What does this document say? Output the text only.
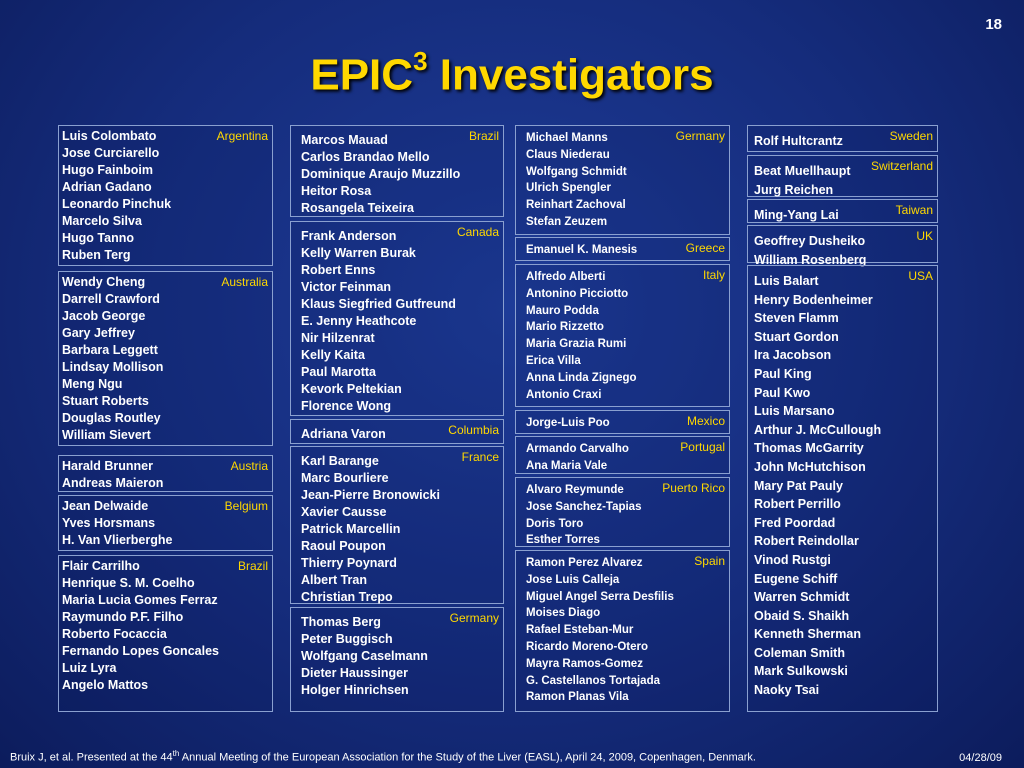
18
EPIC$^3$ Investigators
Argentina
Luis Colombato
Jose Curciarello
Hugo Fainboim
Adrian Gadano
Leonardo Pinchuk
Marcelo Silva
Hugo Tanno
Ruben Terg
Australia
Wendy Cheng
Darrell Crawford
Jacob George
Gary Jeffrey
Barbara Leggett
Lindsay Mollison
Meng Ngu
Stuart Roberts
Douglas Routley
William Sievert
Austria
Harald Brunner
Andreas Maieron
Belgium
Jean Delwaide
Yves Horsmans
H. Van Vlierberghe
Brazil
Flair Carrilho
Henrique S. M. Coelho
Maria Lucia Gomes Ferraz
Raymundo P.F. Filho
Roberto Focaccia
Fernando Lopes Goncales
Luiz Lyra
Angelo Mattos
Brazil
Marcos Mauad
Carlos Brandao Mello
Dominique Araujo Muzzillo
Heitor Rosa
Rosangela Teixeira
Canada
Frank Anderson
Kelly Warren Burak
Robert Enns
Victor Feinman
Klaus Siegfried Gutfreund
E. Jenny Heathcote
Nir Hilzenrat
Kelly Kaita
Paul Marotta
Kevork Peltekian
Florence Wong
Columbia
Adriana Varon
France
Karl Barange
Marc Bourliere
Jean-Pierre Bronowicki
Xavier Causse
Patrick Marcellin
Raoul Poupon
Thierry Poynard
Albert Tran
Christian Trepo
Germany
Thomas Berg
Peter Buggisch
Wolfgang Caselmann
Dieter Haussinger
Holger Hinrichsen
Germany
Michael Manns
Claus Niederau
Wolfgang Schmidt
Ulrich Spengler
Reinhart Zachoval
Stefan Zeuzem
Greece
Emanuel K. Manesis
Italy
Alfredo Alberti
Antonino Picciotto
Mauro Podda
Mario Rizzetto
Maria Grazia Rumi
Erica Villa
Anna Linda Zignego
Antonio Craxi
Mexico
Jorge-Luis Poo
Portugal
Armando Carvalho
Ana Maria Vale
Puerto Rico
Alvaro Reymunde
Jose Sanchez-Tapias
Doris Toro
Esther Torres
Spain
Ramon Perez Alvarez
Jose Luis Calleja
Miguel Angel Serra Desfilis
Moises Diago
Rafael Esteban-Mur
Ricardo Moreno-Otero
Mayra Ramos-Gomez
G. Castellanos Tortajada
Ramon Planas Vila
Sweden
Rolf Hultcrantz
Switzerland
Beat Muellhaupt
Jurg Reichen
Taiwan
Ming-Yang Lai
UK
Geoffrey Dusheiko
William Rosenberg
USA
Luis Balart
Henry Bodenheimer
Steven Flamm
Stuart Gordon
Ira Jacobson
Paul King
Paul Kwo
Luis Marsano
Arthur J. McCullough
Thomas McGarrity
John McHutchison
Mary Pat Pauly
Robert Perrillo
Fred Poordad
Robert Reindollar
Vinod Rustgi
Eugene Schiff
Warren Schmidt
Obaid S. Shaikh
Kenneth Sherman
Coleman Smith
Mark Sulkowski
Naoky Tsai
Bruix J, et al. Presented at the 44th Annual Meeting of the European Association for the Study of the Liver (EASL), April 24, 2009, Copenhagen, Denmark.	04/28/09
